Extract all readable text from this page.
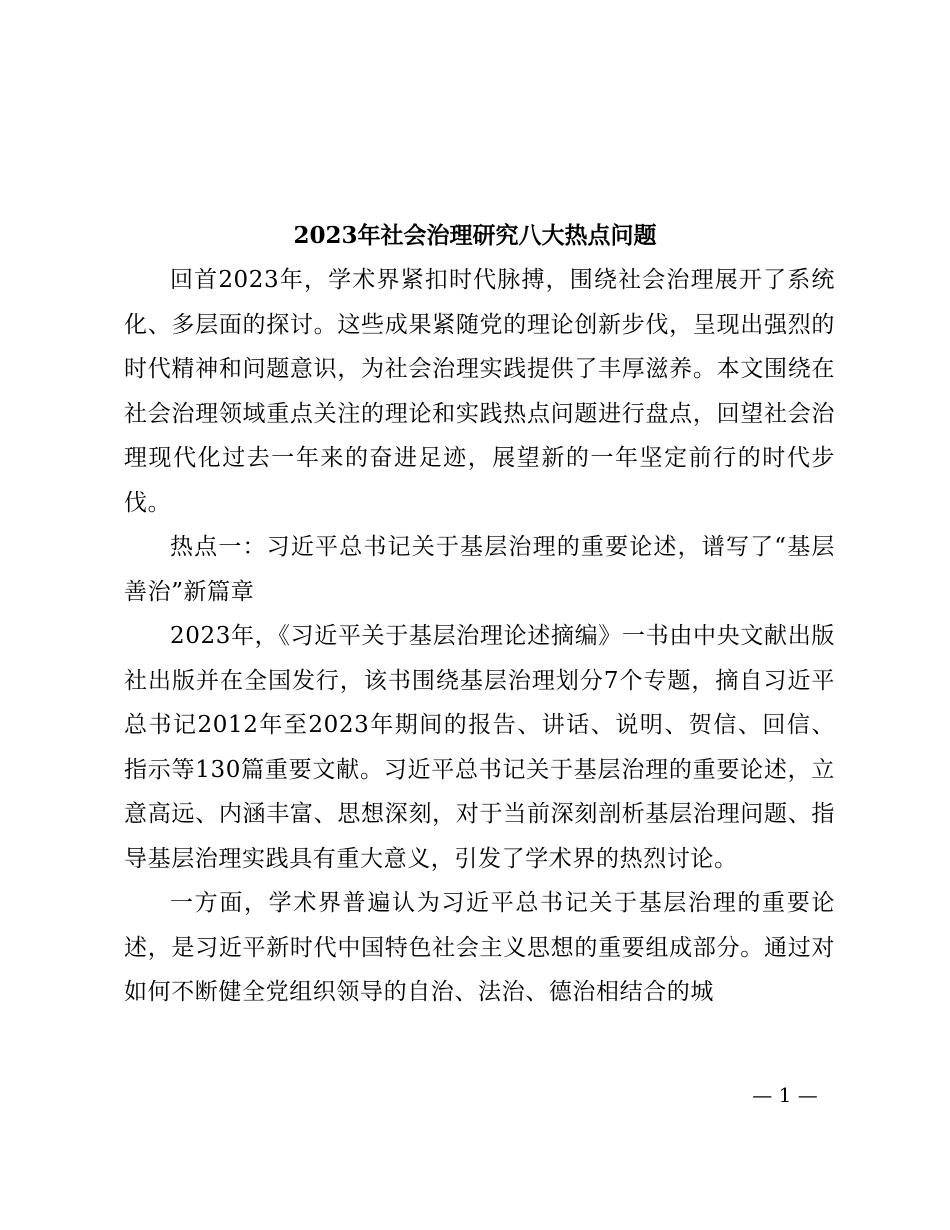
2023年社会治理研究八大热点问题

回首2023年，学术界紧扣时代脉搏，围绕社会治理展开了系统化、多层面的探讨。这些成果紧随党的理论创新步伐，呈现出强烈的时代精神和问题意识，为社会治理实践提供了丰厚滋养。本文围绕在社会治理领域重点关注的理论和实践热点问题进行盘点，回望社会治理现代化过去一年来的奋进足迹，展望新的一年坚定前行的时代步伐。

热点一：习近平总书记关于基层治理的重要论述，谱写了“基层善治”新篇章

2023年，《习近平关于基层治理论述摘编》一书由中央文献出版社出版并在全国发行，该书围绕基层治理划分7个专题，摘自习近平总书记2012年至2023年期间的报告、讲话、说明、贺信、回信、指示等130篇重要文献。习近平总书记关于基层治理的重要论述，立意高远、内涵丰富、思想深刻，对于当前深刻剖析基层治理问题、指导基层治理实践具有重大意义，引发了学术界的热烈讨论。

一方面，学术界普遍认为习近平总书记关于基层治理的重要论述，是习近平新时代中国特色社会主义思想的重要组成部分。通过对如何不断健全党组织领导的自治、法治、德治相结合的城

— 1 —
